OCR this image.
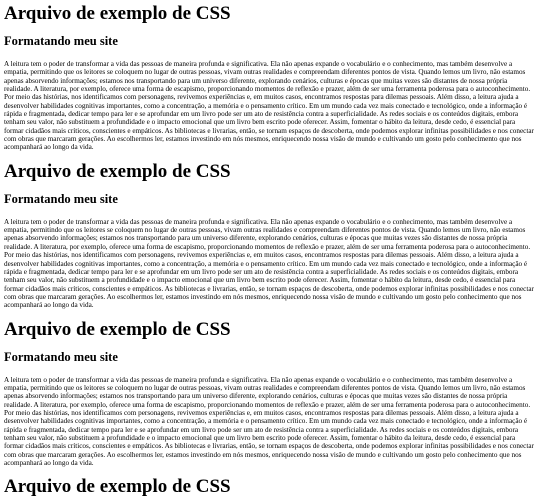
Arquivo de exemplo de CSS
Formatando meu site

A leitura tem o poder de transformar a vida das pessoas de maneira profunda e significativa. Ela não apenas expande o vocabulário e o conhecimento, mas também desenvolve a empatia, permitindo que os leitores se coloquem no lugar de outras pessoas, vivam outras realidades e compreendam diferentes pontos de vista. Quando lemos um livro, não estamos apenas absorvendo informações; estamos nos transportando para um universo diferente, explorando cenários, culturas e épocas que muitas vezes são distantes de nossa própria realidade. A literatura, por exemplo, oferece uma forma de escapismo, proporcionando momentos de reflexão e prazer, além de ser uma ferramenta poderosa para o autoconhecimento. Por meio das histórias, nos identificamos com personagens, revivemos experiências e, em muitos casos, encontramos respostas para dilemas pessoais. Além disso, a leitura ajuda a desenvolver habilidades cognitivas importantes, como a concentração, a memória e o pensamento crítico. Em um mundo cada vez mais conectado e tecnológico, onde a informação é rápida e fragmentada, dedicar tempo para ler e se aprofundar em um livro pode ser um ato de resistência contra a superficialidade. As redes sociais e os conteúdos digitais, embora tenham seu valor, não substituem a profundidade e o impacto emocional que um livro bem escrito pode oferecer. Assim, fomentar o hábito da leitura, desde cedo, é essencial para formar cidadãos mais críticos, conscientes e empáticos. As bibliotecas e livrarias, então, se tornam espaços de descoberta, onde podemos explorar infinitas possibilidades e nos conectar com obras que marcaram gerações. Ao escolhermos ler, estamos investindo em nós mesmos, enriquecendo nossa visão de mundo e cultivando um gosto pelo conhecimento que nos acompanhará ao longo da vida.

Arquivo de exemplo de CSS
Formatando meu site

A leitura tem o poder de transformar a vida das pessoas de maneira profunda e significativa. Ela não apenas expande o vocabulário e o conhecimento, mas também desenvolve a empatia, permitindo que os leitores se coloquem no lugar de outras pessoas, vivam outras realidades e compreendam diferentes pontos de vista. Quando lemos um livro, não estamos apenas absorvendo informações; estamos nos transportando para um universo diferente, explorando cenários, culturas e épocas que muitas vezes são distantes de nossa própria realidade. A literatura, por exemplo, oferece uma forma de escapismo, proporcionando momentos de reflexão e prazer, além de ser uma ferramenta poderosa para o autoconhecimento. Por meio das histórias, nos identificamos com personagens, revivemos experiências e, em muitos casos, encontramos respostas para dilemas pessoais. Além disso, a leitura ajuda a desenvolver habilidades cognitivas importantes, como a concentração, a memória e o pensamento crítico. Em um mundo cada vez mais conectado e tecnológico, onde a informação é rápida e fragmentada, dedicar tempo para ler e se aprofundar em um livro pode ser um ato de resistência contra a superficialidade. As redes sociais e os conteúdos digitais, embora tenham seu valor, não substituem a profundidade e o impacto emocional que um livro bem escrito pode oferecer. Assim, fomentar o hábito da leitura, desde cedo, é essencial para formar cidadãos mais críticos, conscientes e empáticos. As bibliotecas e livrarias, então, se tornam espaços de descoberta, onde podemos explorar infinitas possibilidades e nos conectar com obras que marcaram gerações. Ao escolhermos ler, estamos investindo em nós mesmos, enriquecendo nossa visão de mundo e cultivando um gosto pelo conhecimento que nos acompanhará ao longo da vida.

Arquivo de exemplo de CSS
Formatando meu site

A leitura tem o poder de transformar a vida das pessoas de maneira profunda e significativa. Ela não apenas expande o vocabulário e o conhecimento, mas também desenvolve a empatia, permitindo que os leitores se coloquem no lugar de outras pessoas, vivam outras realidades e compreendam diferentes pontos de vista. Quando lemos um livro, não estamos apenas absorvendo informações; estamos nos transportando para um universo diferente, explorando cenários, culturas e épocas que muitas vezes são distantes de nossa própria realidade. A literatura, por exemplo, oferece uma forma de escapismo, proporcionando momentos de reflexão e prazer, além de ser uma ferramenta poderosa para o autoconhecimento. Por meio das histórias, nos identificamos com personagens, revivemos experiências e, em muitos casos, encontramos respostas para dilemas pessoais. Além disso, a leitura ajuda a desenvolver habilidades cognitivas importantes, como a concentração, a memória e o pensamento crítico. Em um mundo cada vez mais conectado e tecnológico, onde a informação é rápida e fragmentada, dedicar tempo para ler e se aprofundar em um livro pode ser um ato de resistência contra a superficialidade. As redes sociais e os conteúdos digitais, embora tenham seu valor, não substituem a profundidade e o impacto emocional que um livro bem escrito pode oferecer. Assim, fomentar o hábito da leitura, desde cedo, é essencial para formar cidadãos mais críticos, conscientes e empáticos. As bibliotecas e livrarias, então, se tornam espaços de descoberta, onde podemos explorar infinitas possibilidades e nos conectar com obras que marcaram gerações. Ao escolhermos ler, estamos investindo em nós mesmos, enriquecendo nossa visão de mundo e cultivando um gosto pelo conhecimento que nos acompanhará ao longo da vida.

Arquivo de exemplo de CSS
